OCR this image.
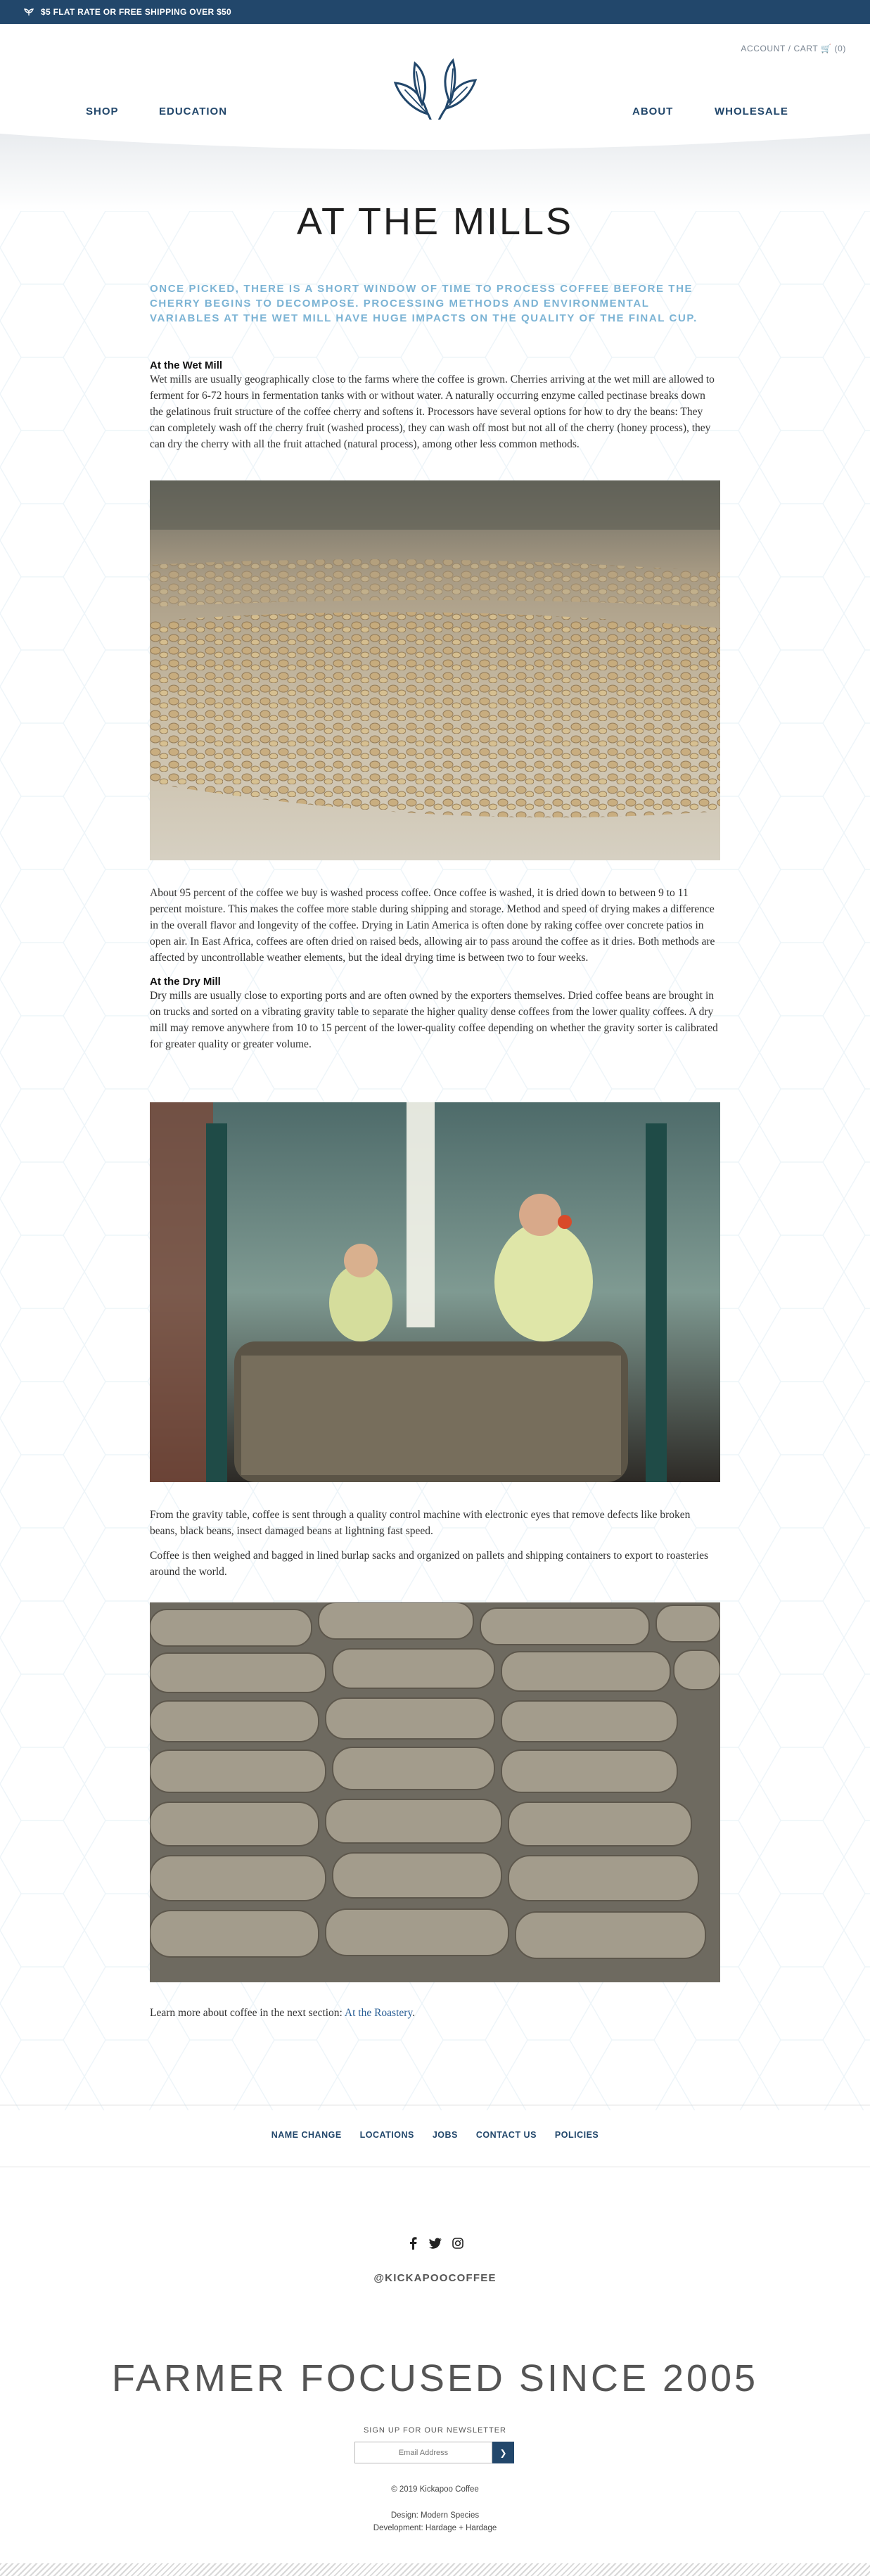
$5 FLAT RATE OR FREE SHIPPING OVER $50
ACCOUNT / CART 🛒 (0)
SHOP	EDUCATION	ABOUT	WHOLESALE
AT THE MILLS

ONCE PICKED, THERE IS A SHORT WINDOW OF TIME TO PROCESS COFFEE BEFORE THE CHERRY BEGINS TO DECOMPOSE. PROCESSING METHODS AND ENVIRONMENTAL VARIABLES AT THE WET MILL HAVE HUGE IMPACTS ON THE QUALITY OF THE FINAL CUP.

At the Wet Mill

Wet mills are usually geographically close to the farms where the coffee is grown. Cherries arriving at the wet mill are allowed to ferment for 6-72 hours in fermentation tanks with or without water. A naturally occurring enzyme called pectinase breaks down the gelatinous fruit structure of the coffee cherry and softens it. Processors have several options for how to dry the beans: They can completely wash off the cherry fruit (washed process), they can wash off most but not all of the cherry (honey process), they can dry the cherry with all the fruit attached (natural process), among other less common methods.

About 95 percent of the coffee we buy is washed process coffee. Once coffee is washed, it is dried down to between 9 to 11 percent moisture. This makes the coffee more stable during shipping and storage. Method and speed of drying makes a difference in the overall flavor and longevity of the coffee. Drying in Latin America is often done by raking coffee over concrete patios in open air. In East Africa, coffees are often dried on raised beds, allowing air to pass around the coffee as it dries. Both methods are affected by uncontrollable weather elements, but the ideal drying time is between two to four weeks.

At the Dry Mill

Dry mills are usually close to exporting ports and are often owned by the exporters themselves. Dried coffee beans are brought in on trucks and sorted on a vibrating gravity table to separate the higher quality dense coffees from the lower quality coffees. A dry mill may remove anywhere from 10 to 15 percent of the lower-quality coffee depending on whether the gravity sorter is calibrated for greater quality or greater volume.

From the gravity table, coffee is sent through a quality control machine with electronic eyes that remove defects like broken beans, black beans, insect damaged beans at lightning fast speed.

Coffee is then weighed and bagged in lined burlap sacks and organized on pallets and shipping containers to export to roasteries around the world.

Learn more about coffee in the next section: At the Roastery.
NAME CHANGE LOCATIONS JOBS CONTACT US POLICIES
@KICKAPOOCOFFEE
FARMER FOCUSED SINCE 2005
SIGN UP FOR OUR NEWSLETTER
Email Address
❯
© 2019 Kickapoo Coffee
Design: Modern Species
Development: Hardage + Hardage
